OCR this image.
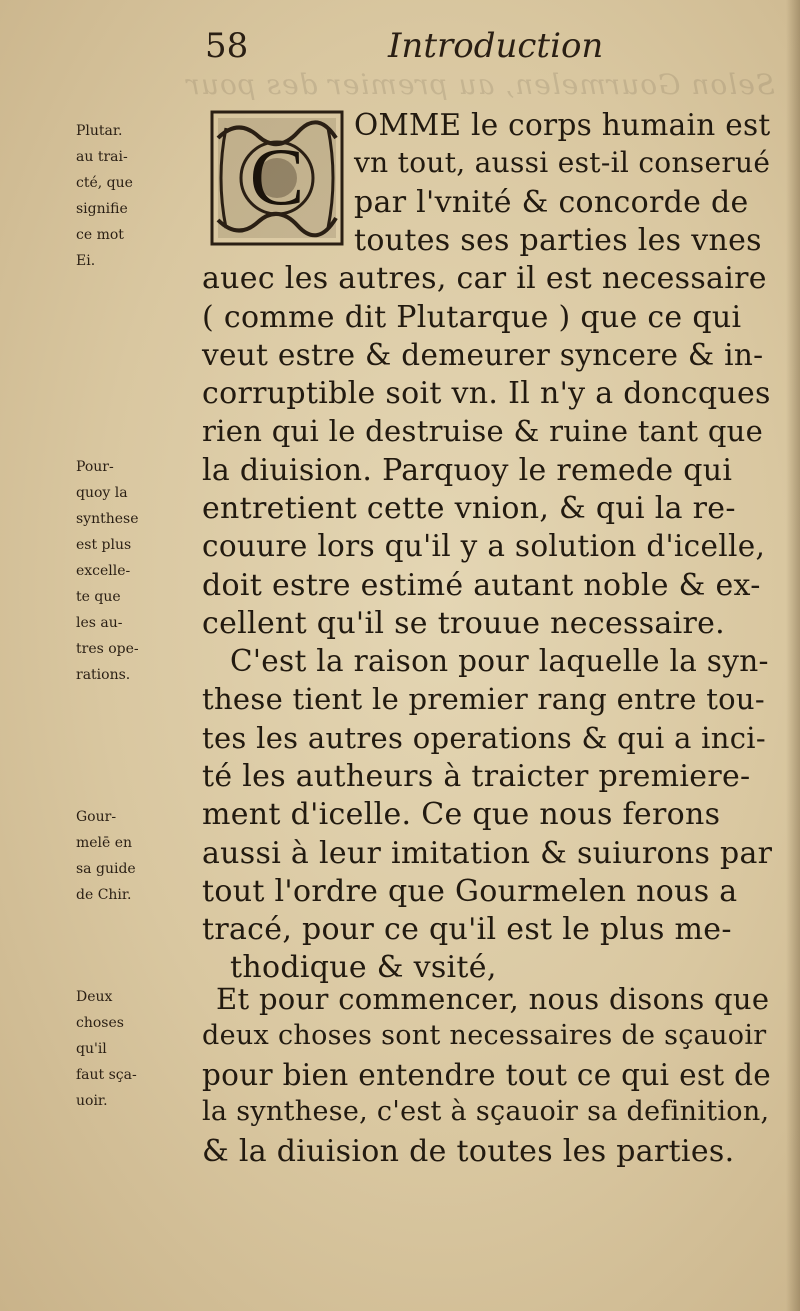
Selon Gourmelen, au premier des pour
58	Introduction
C
Plutar.
au trai-
cté, que
signifie
ce mot
Ei.
Pour-
quoy la
synthese
est plus
excelle-
te que
les au-
tres ope-
rations.
Gour-
melē en
sa guide
de Chir.
Deux
choses
qu'il
faut sça-
uoir.
OMME le corps humain est
vn tout, aussi est-il conserué
par l'vnité & concorde de
toutes ses parties les vnes
auec les autres, car il est necessaire
( comme dit Plutarque ) que ce qui
veut estre & demeurer syncere & in-
corruptible soit vn. Il n'y a doncques
rien qui le destruise & ruine tant que
la diuision. Parquoy le remede qui
entretient cette vnion, & qui la re-
couure lors qu'il y a solution d'icelle,
doit estre estimé autant noble & ex-
cellent qu'il se trouue necessaire.
C'est la raison pour laquelle la syn-
these tient le premier rang entre tou-
tes les autres operations & qui a inci-
té les autheurs à traicter premiere-
ment d'icelle. Ce que nous ferons
aussi à leur imitation & suiurons par
tout l'ordre que Gourmelen nous a
tracé, pour ce qu'il est le plus me-
thodique & vsité,
Et pour commencer, nous disons que
deux choses sont necessaires de sçauoir
pour bien entendre tout ce qui est de
la synthese, c'est à sçauoir sa definition,
& la diuision de toutes les parties.
